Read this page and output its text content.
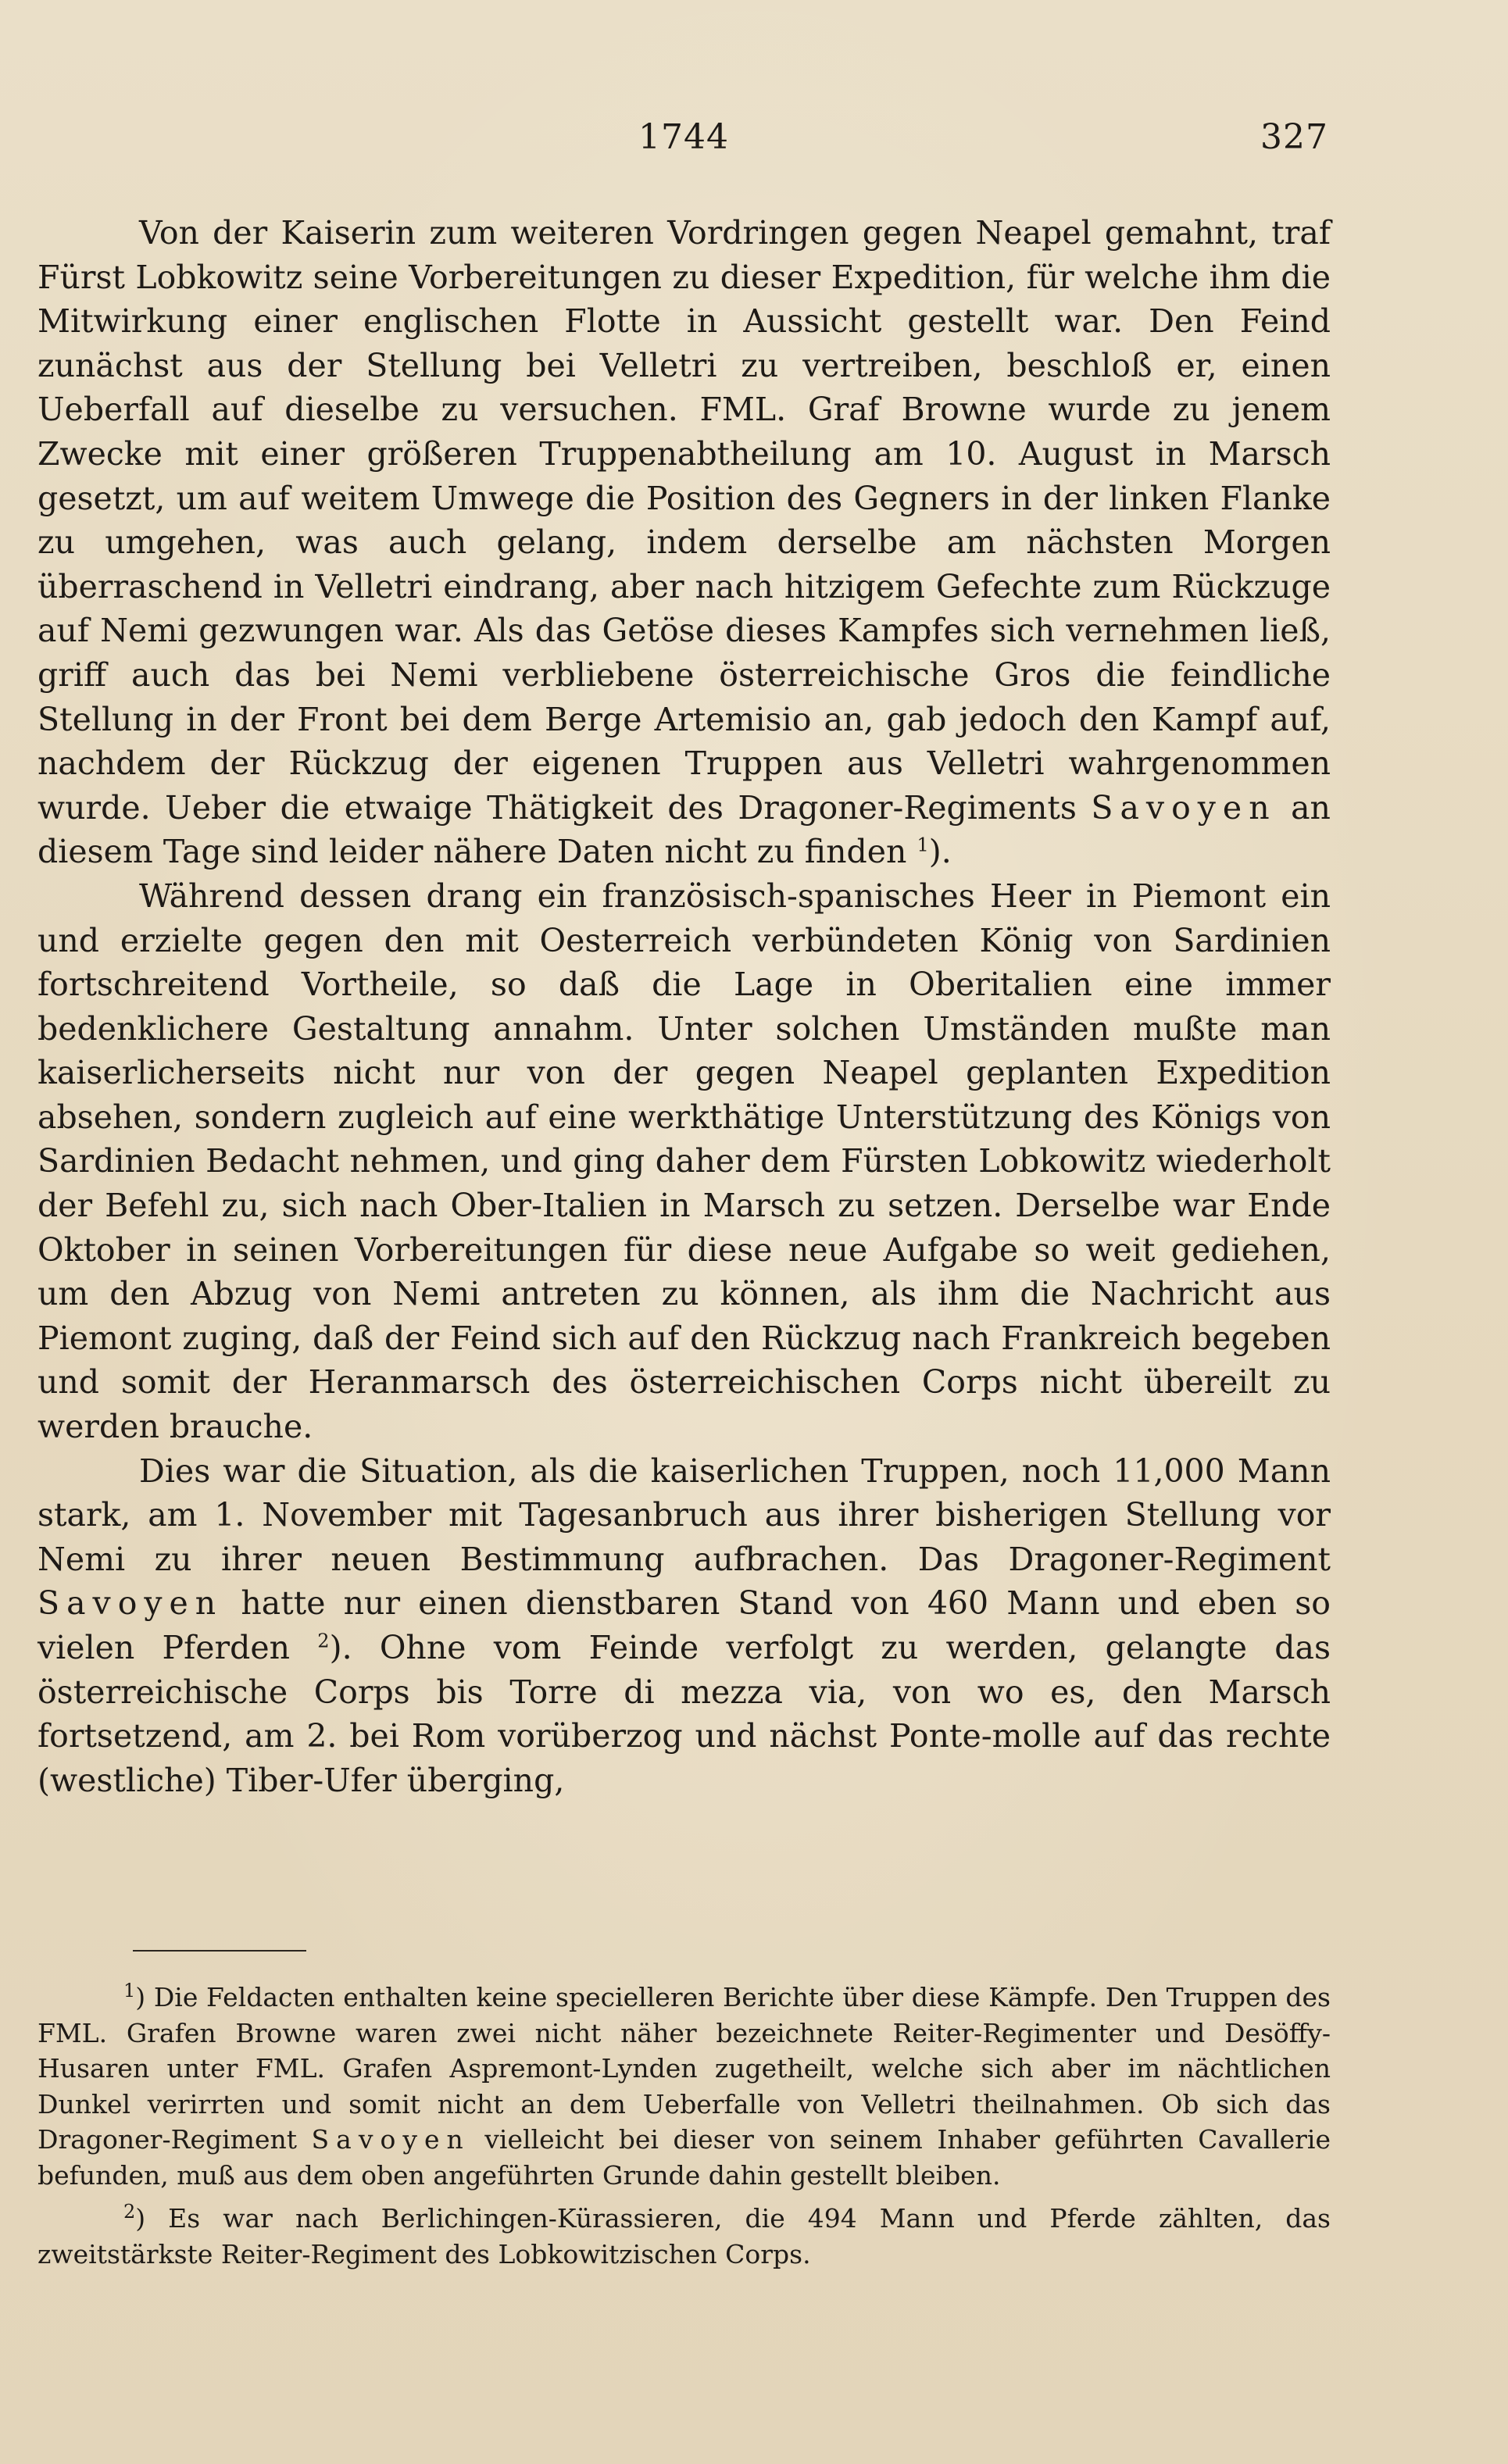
1744	327

Von der Kaiserin zum weiteren Vordringen gegen Neapel gemahnt, traf Fürst Lobkowitz seine Vorbereitungen zu dieser Expedition, für welche ihm die Mitwirkung einer englischen Flotte in Aussicht gestellt war. Den Feind zunächst aus der Stellung bei Velletri zu vertreiben, beschloß er, einen Ueberfall auf dieselbe zu versuchen. FML. Graf Browne wurde zu jenem Zwecke mit einer größeren Truppenabtheilung am 10. August in Marsch gesetzt, um auf weitem Umwege die Position des Gegners in der linken Flanke zu umgehen, was auch gelang, indem derselbe am nächsten Morgen überraschend in Velletri eindrang, aber nach hitzigem Gefechte zum Rückzuge auf Nemi gezwungen war. Als das Getöse dieses Kampfes sich vernehmen ließ, griff auch das bei Nemi verbliebene österreichische Gros die feindliche Stellung in der Front bei dem Berge Artemisio an, gab jedoch den Kampf auf, nachdem der Rückzug der eigenen Truppen aus Velletri wahrgenommen wurde. Ueber die etwaige Thätigkeit des Dragoner-Regiments Savoyen an diesem Tage sind leider nähere Daten nicht zu finden $^1$).

Während dessen drang ein französisch-spanisches Heer in Piemont ein und erzielte gegen den mit Oesterreich verbündeten König von Sardinien fortschreitend Vortheile, so daß die Lage in Oberitalien eine immer bedenklichere Gestaltung annahm. Unter solchen Umständen mußte man kaiserlicherseits nicht nur von der gegen Neapel geplanten Expedition absehen, sondern zugleich auf eine werkthätige Unterstützung des Königs von Sardinien Bedacht nehmen, und ging daher dem Fürsten Lobkowitz wiederholt der Befehl zu, sich nach Ober-Italien in Marsch zu setzen. Derselbe war Ende Oktober in seinen Vorbereitungen für diese neue Aufgabe so weit gediehen, um den Abzug von Nemi antreten zu können, als ihm die Nachricht aus Piemont zuging, daß der Feind sich auf den Rückzug nach Frankreich begeben und somit der Heranmarsch des österreichischen Corps nicht übereilt zu werden brauche.

Dies war die Situation, als die kaiserlichen Truppen, noch 11,000 Mann stark, am 1. November mit Tagesanbruch aus ihrer bisherigen Stellung vor Nemi zu ihrer neuen Bestimmung aufbrachen. Das Dragoner-Regiment Savoyen hatte nur einen dienstbaren Stand von 460 Mann und eben so vielen Pferden $^2$). Ohne vom Feinde verfolgt zu werden, gelangte das österreichische Corps bis Torre di mezza via, von wo es, den Marsch fortsetzend, am 2. bei Rom vorüberzog und nächst Ponte-molle auf das rechte (westliche) Tiber-Ufer überging,

$^1$) Die Feldacten enthalten keine specielleren Berichte über diese Kämpfe. Den Truppen des FML. Grafen Browne waren zwei nicht näher bezeichnete Reiter-Regimenter und Desöffy-Husaren unter FML. Grafen Aspremont-Lynden zugetheilt, welche sich aber im nächtlichen Dunkel verirrten und somit nicht an dem Ueberfalle von Velletri theilnahmen. Ob sich das Dragoner-Regiment Savoyen vielleicht bei dieser von seinem Inhaber geführten Cavallerie befunden, muß aus dem oben angeführten Grunde dahin gestellt bleiben.

$^2$) Es war nach Berlichingen-Kürassieren, die 494 Mann und Pferde zählten, das zweitstärkste Reiter-Regiment des Lobkowitzischen Corps.
